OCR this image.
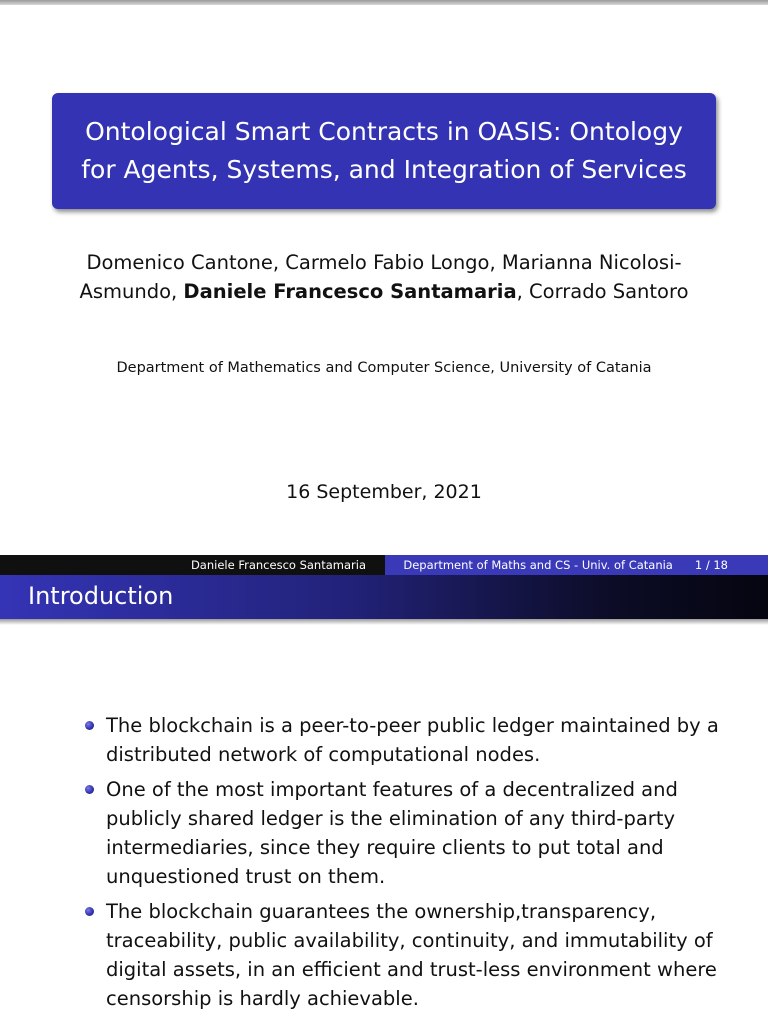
Ontological Smart Contracts in OASIS: Ontology for Agents, Systems, and Integration of Services

Domenico Cantone, Carmelo Fabio Longo, Marianna Nicolosi-Asmundo, Daniele Francesco Santamaria, Corrado Santoro

Department of Mathematics and Computer Science, University of Catania

16 September, 2021

Daniele Francesco Santamaria	Department of Maths and CS - Univ. of Catania 1 / 18
Introduction
The blockchain is a peer-to-peer public ledger maintained by a distributed network of computational nodes.
One of the most important features of a decentralized and publicly shared ledger is the elimination of any third-party intermediaries, since they require clients to put total and unquestioned trust on them.
The blockchain guarantees the ownership,transparency, traceability, public availability, continuity, and immutability of digital assets, in an efficient and trust-less environment where censorship is hardly achievable.
